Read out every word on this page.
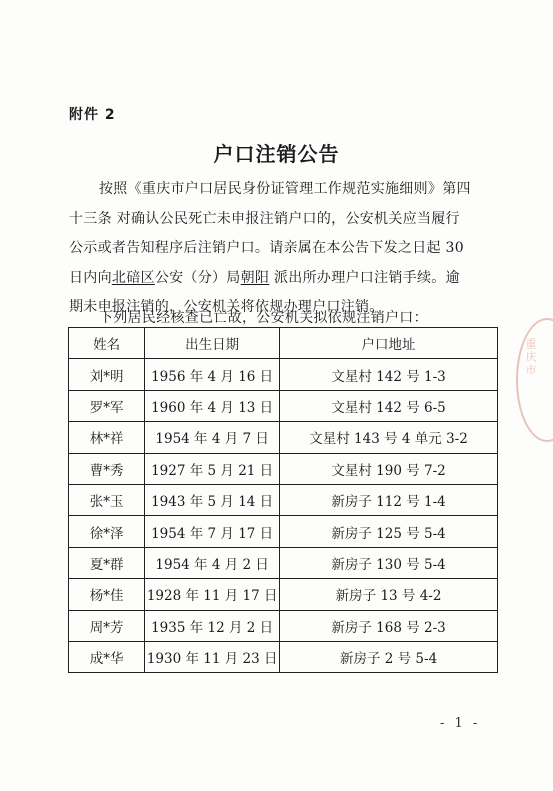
重庆市
附件 2
户口注销公告
按照《重庆市户口居民身份证管理工作规范实施细则》第四
十三条 对确认公民死亡未申报注销户口的，公安机关应当履行
公示或者告知程序后注销户口。请亲属在本公告下发之日起 30
日内向北碚区公安（分）局朝阳 派出所办理户口注销手续。逾
期未申报注销的，公安机关将依规办理户口注销。
下列居民经核查已亡故，公安机关拟依规注销户口：
姓名	出生日期	户口地址
刘*明	1956 年 4 月 16 日	文星村 142 号 1-3
罗*军	1960 年 4 月 13 日	文星村 142 号 6-5
林*祥	1954 年 4 月 7 日	文星村 143 号 4 单元 3-2
曹*秀	1927 年 5 月 21 日	文星村 190 号 7-2
张*玉	1943 年 5 月 14 日	新房子 112 号 1-4
徐*泽	1954 年 7 月 17 日	新房子 125 号 5-4
夏*群	1954 年 4 月 2 日	新房子 130 号 5-4
杨*佳	1928 年 11 月 17 日	新房子 13 号 4-2
周*芳	1935 年 12 月 2 日	新房子 168 号 2-3
成*华	1930 年 11 月 23 日	新房子 2 号 5-4
- 1 -
